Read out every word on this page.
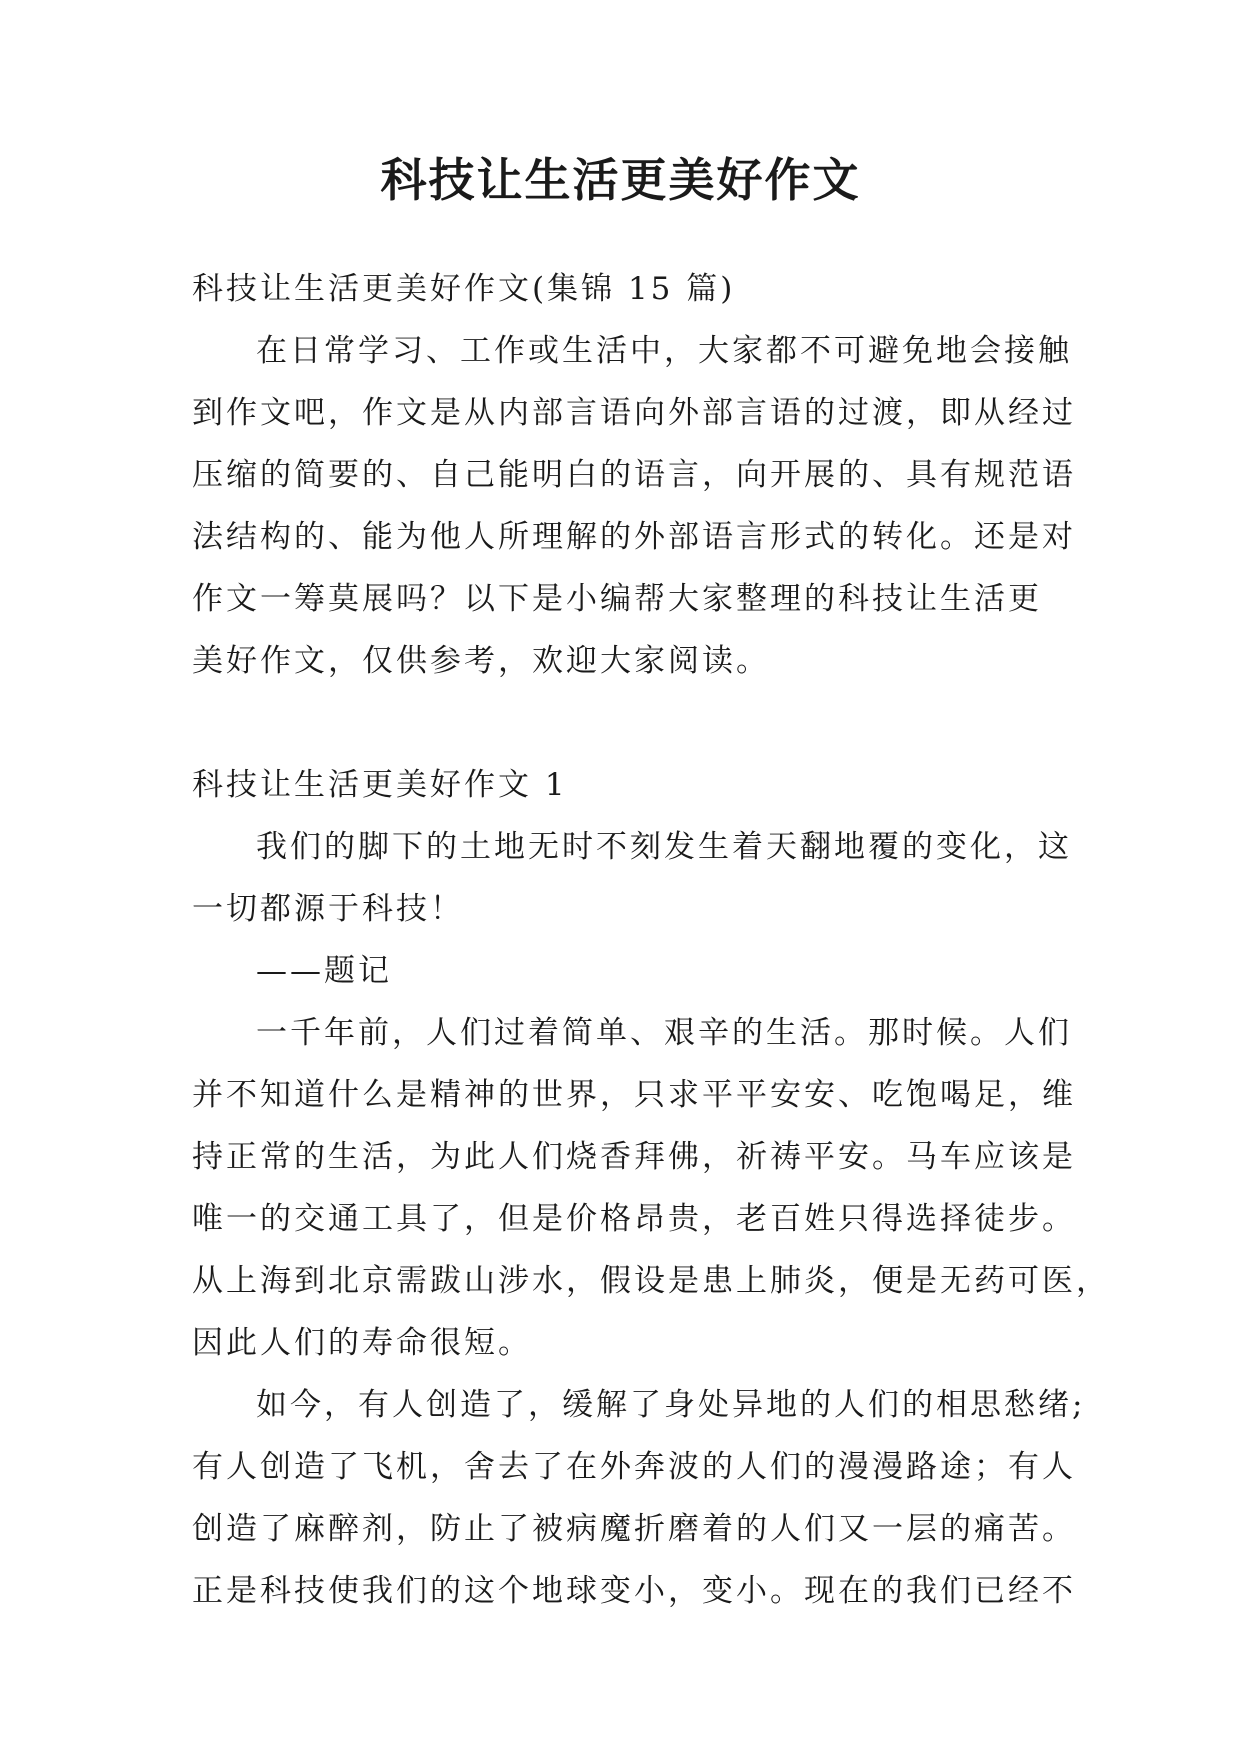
科技让生活更美好作文
科技让生活更美好作文(集锦 15 篇)
在日常学习、工作或生活中，大家都不可避免地会接触
到作文吧，作文是从内部言语向外部言语的过渡，即从经过
压缩的简要的、自己能明白的语言，向开展的、具有规范语
法结构的、能为他人所理解的外部语言形式的转化。还是对
作文一筹莫展吗？以下是小编帮大家整理的科技让生活更
美好作文，仅供参考，欢迎大家阅读。
科技让生活更美好作文 1
我们的脚下的土地无时不刻发生着天翻地覆的变化，这
一切都源于科技！
——题记
一千年前，人们过着简单、艰辛的生活。那时候。人们
并不知道什么是精神的世界，只求平平安安、吃饱喝足，维
持正常的生活，为此人们烧香拜佛，祈祷平安。马车应该是
唯一的交通工具了，但是价格昂贵，老百姓只得选择徒步。
从上海到北京需跋山涉水，假设是患上肺炎，便是无药可医，
因此人们的寿命很短。
如今，有人创造了，缓解了身处异地的人们的相思愁绪;
有人创造了飞机，舍去了在外奔波的人们的漫漫路途；有人
创造了麻醉剂，防止了被病魔折磨着的人们又一层的痛苦。
正是科技使我们的这个地球变小，变小。现在的我们已经不
